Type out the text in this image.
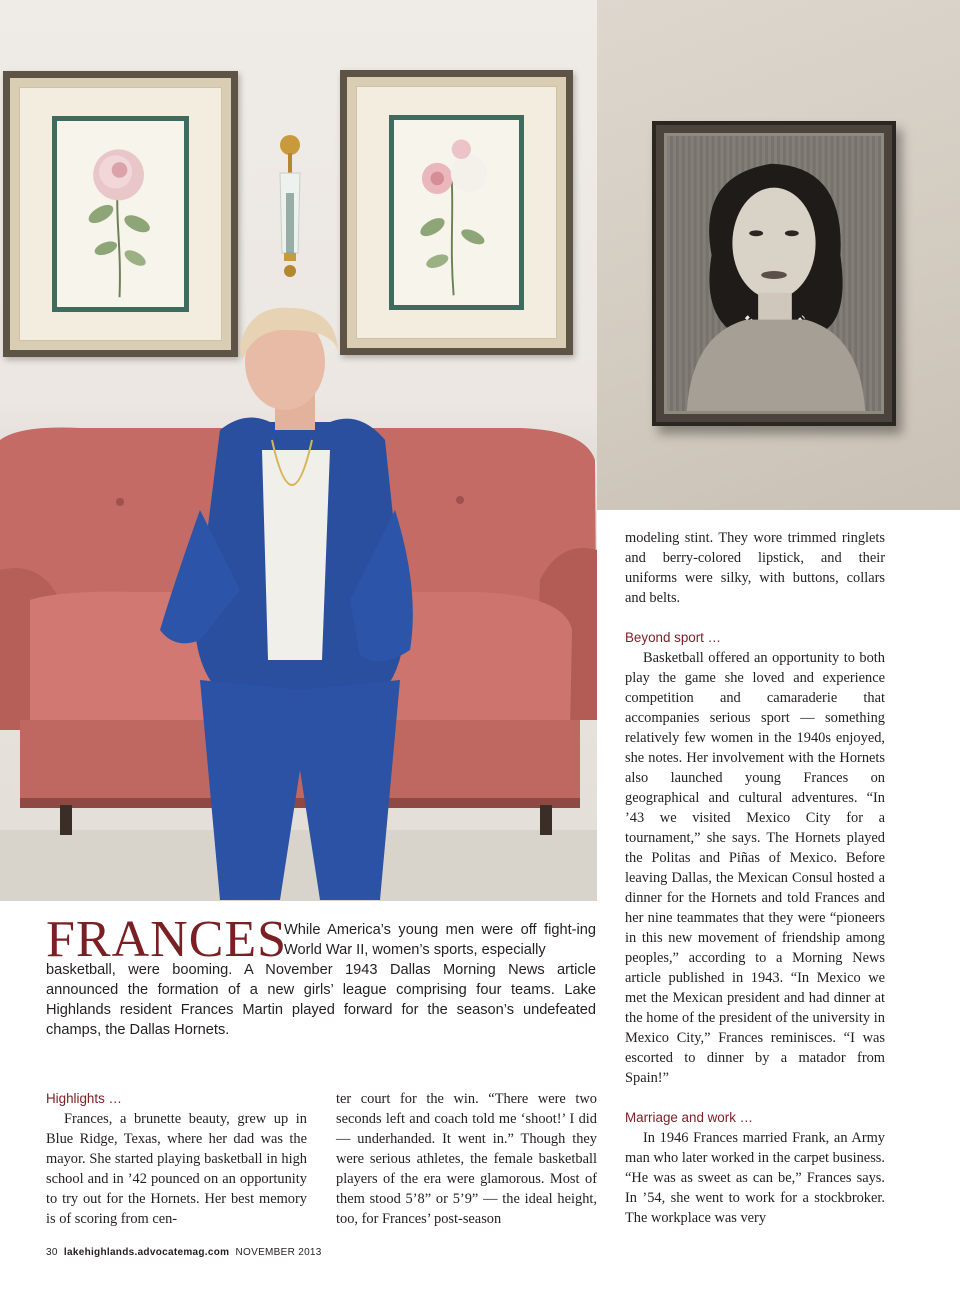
FRANCES
While America’s young men were off fight-ing World War II, women’s sports, especially
basketball, were booming. A November 1943 Dallas Morning News article announced the formation of a new girls’ league comprising four teams. Lake Highlands resident Frances Martin played forward for the season’s undefeated champs, the Dallas Hornets.
Highlights …

Frances, a brunette beauty, grew up in Blue Ridge, Texas, where her dad was the mayor. She started playing basketball in high school and in ’42 pounced on an opportunity to try out for the Hornets. Her best memory is of scoring from cen-

ter court for the win. “There were two seconds left and coach told me ‘shoot!’ I did — underhanded. It went in.” Though they were serious athletes, the female basketball players of the era were glamorous. Most of them stood 5’8” or 5’9” — the ideal height, too, for Frances’ post-season

modeling stint. They wore trimmed ringlets and berry-colored lipstick, and their uniforms were silky, with buttons, collars and belts.

Beyond sport …

Basketball offered an opportunity to both play the game she loved and experience competition and camaraderie that accompanies serious sport — something relatively few women in the 1940s enjoyed, she notes. Her involvement with the Hornets also launched young Frances on geographical and cultural adventures. “In ’43 we visited Mexico City for a tournament,” she says. The Hornets played the Politas and Piñas of Mexico. Before leaving Dallas, the Mexican Consul hosted a dinner for the Hornets and told Frances and her nine teammates that they were “pioneers in this new movement of friendship among peoples,” according to a Morning News article published in 1943. “In Mexico we met the Mexican president and had dinner at the home of the president of the university in Mexico City,” Frances reminisces. “I was escorted to dinner by a matador from Spain!”

Marriage and work …

In 1946 Frances married Frank, an Army man who later worked in the carpet business. “He was as sweet as can be,” Frances says. In ’54, she went to work for a stockbroker. The workplace was very

30 lakehighlands.advocatemag.com NOVEMBER 2013
